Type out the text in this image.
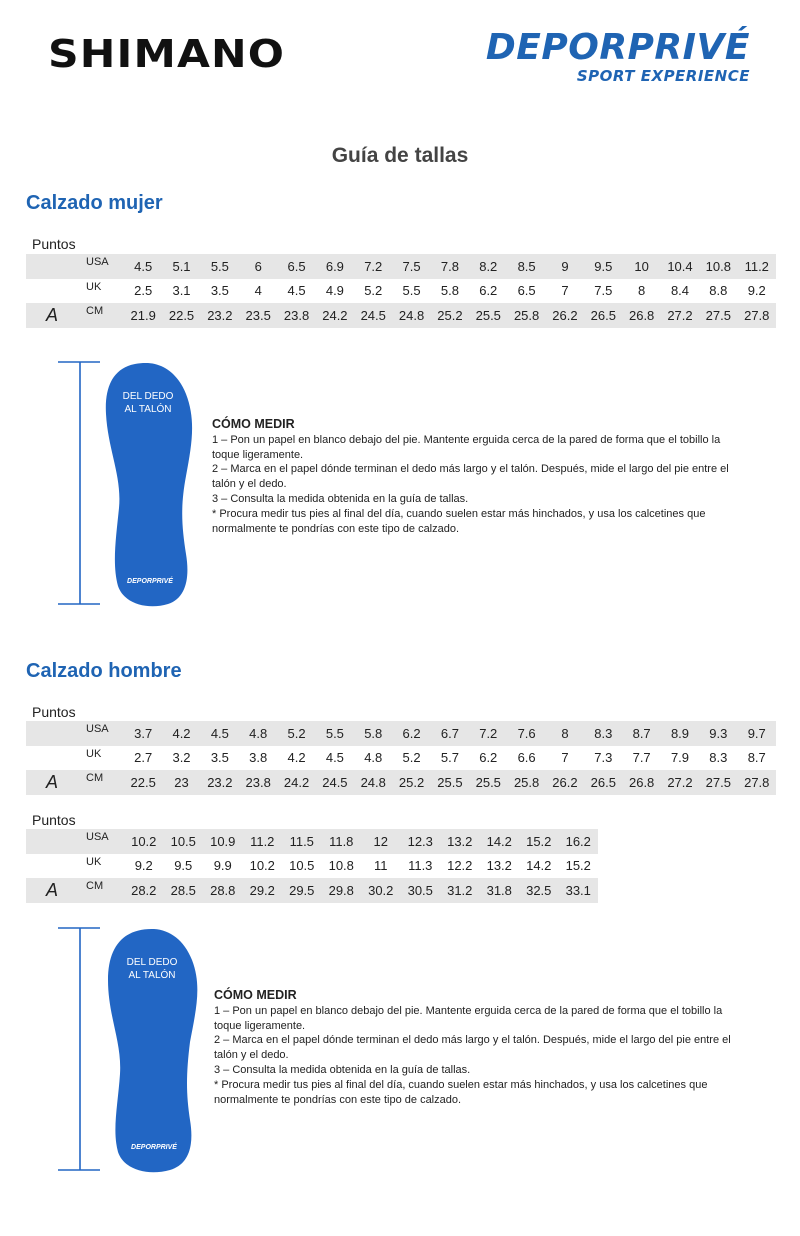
SHIMANO	DEPORPRIVÉ
SPORT EXPERIENCE
Guía de tallas
Calzado mujer
Puntos
	USA	4.5	5.1	5.5	6	6.5	6.9	7.2	7.5	7.8	8.2	8.5	9	9.5	10	10.4	10.8	11.2
	UK	2.5	3.1	3.5	4	4.5	4.9	5.2	5.5	5.8	6.2	6.5	7	7.5	8	8.4	8.8	9.2
A	CM	21.9	22.5	23.2	23.5	23.8	24.2	24.5	24.8	25.2	25.5	25.8	26.2	26.5	26.8	27.2	27.5	27.8
DEL DEDO
AL TALÓN
DEPORPRIVÉ
CÓMO MEDIR
1 – Pon un papel en blanco debajo del pie. Mantente erguida cerca de la pared de forma que el tobillo la toque ligeramente.
2 – Marca en el papel dónde terminan el dedo más largo y el talón. Después, mide el largo del pie entre el talón y el dedo.
3 – Consulta la medida obtenida en la guía de tallas.
* Procura medir tus pies al final del día, cuando suelen estar más hinchados, y usa los calcetines que normalmente te pondrías con este tipo de calzado.
Calzado hombre
Puntos
	USA	3.7	4.2	4.5	4.8	5.2	5.5	5.8	6.2	6.7	7.2	7.6	8	8.3	8.7	8.9	9.3	9.7
	UK	2.7	3.2	3.5	3.8	4.2	4.5	4.8	5.2	5.7	6.2	6.6	7	7.3	7.7	7.9	8.3	8.7
A	CM	22.5	23	23.2	23.8	24.2	24.5	24.8	25.2	25.5	25.5	25.8	26.2	26.5	26.8	27.2	27.5	27.8
Puntos
	USA	10.2	10.5	10.9	11.2	11.5	11.8	12	12.3	13.2	14.2	15.2	16.2
	UK	9.2	9.5	9.9	10.2	10.5	10.8	11	11.3	12.2	13.2	14.2	15.2
A	CM	28.2	28.5	28.8	29.2	29.5	29.8	30.2	30.5	31.2	31.8	32.5	33.1
DEL DEDO
AL TALÓN
DEPORPRIVÉ
CÓMO MEDIR
1 – Pon un papel en blanco debajo del pie. Mantente erguida cerca de la pared de forma que el tobillo la toque ligeramente.
2 – Marca en el papel dónde terminan el dedo más largo y el talón. Después, mide el largo del pie entre el talón y el dedo.
3 – Consulta la medida obtenida en la guía de tallas.
* Procura medir tus pies al final del día, cuando suelen estar más hinchados, y usa los calcetines que normalmente te pondrías con este tipo de calzado.
